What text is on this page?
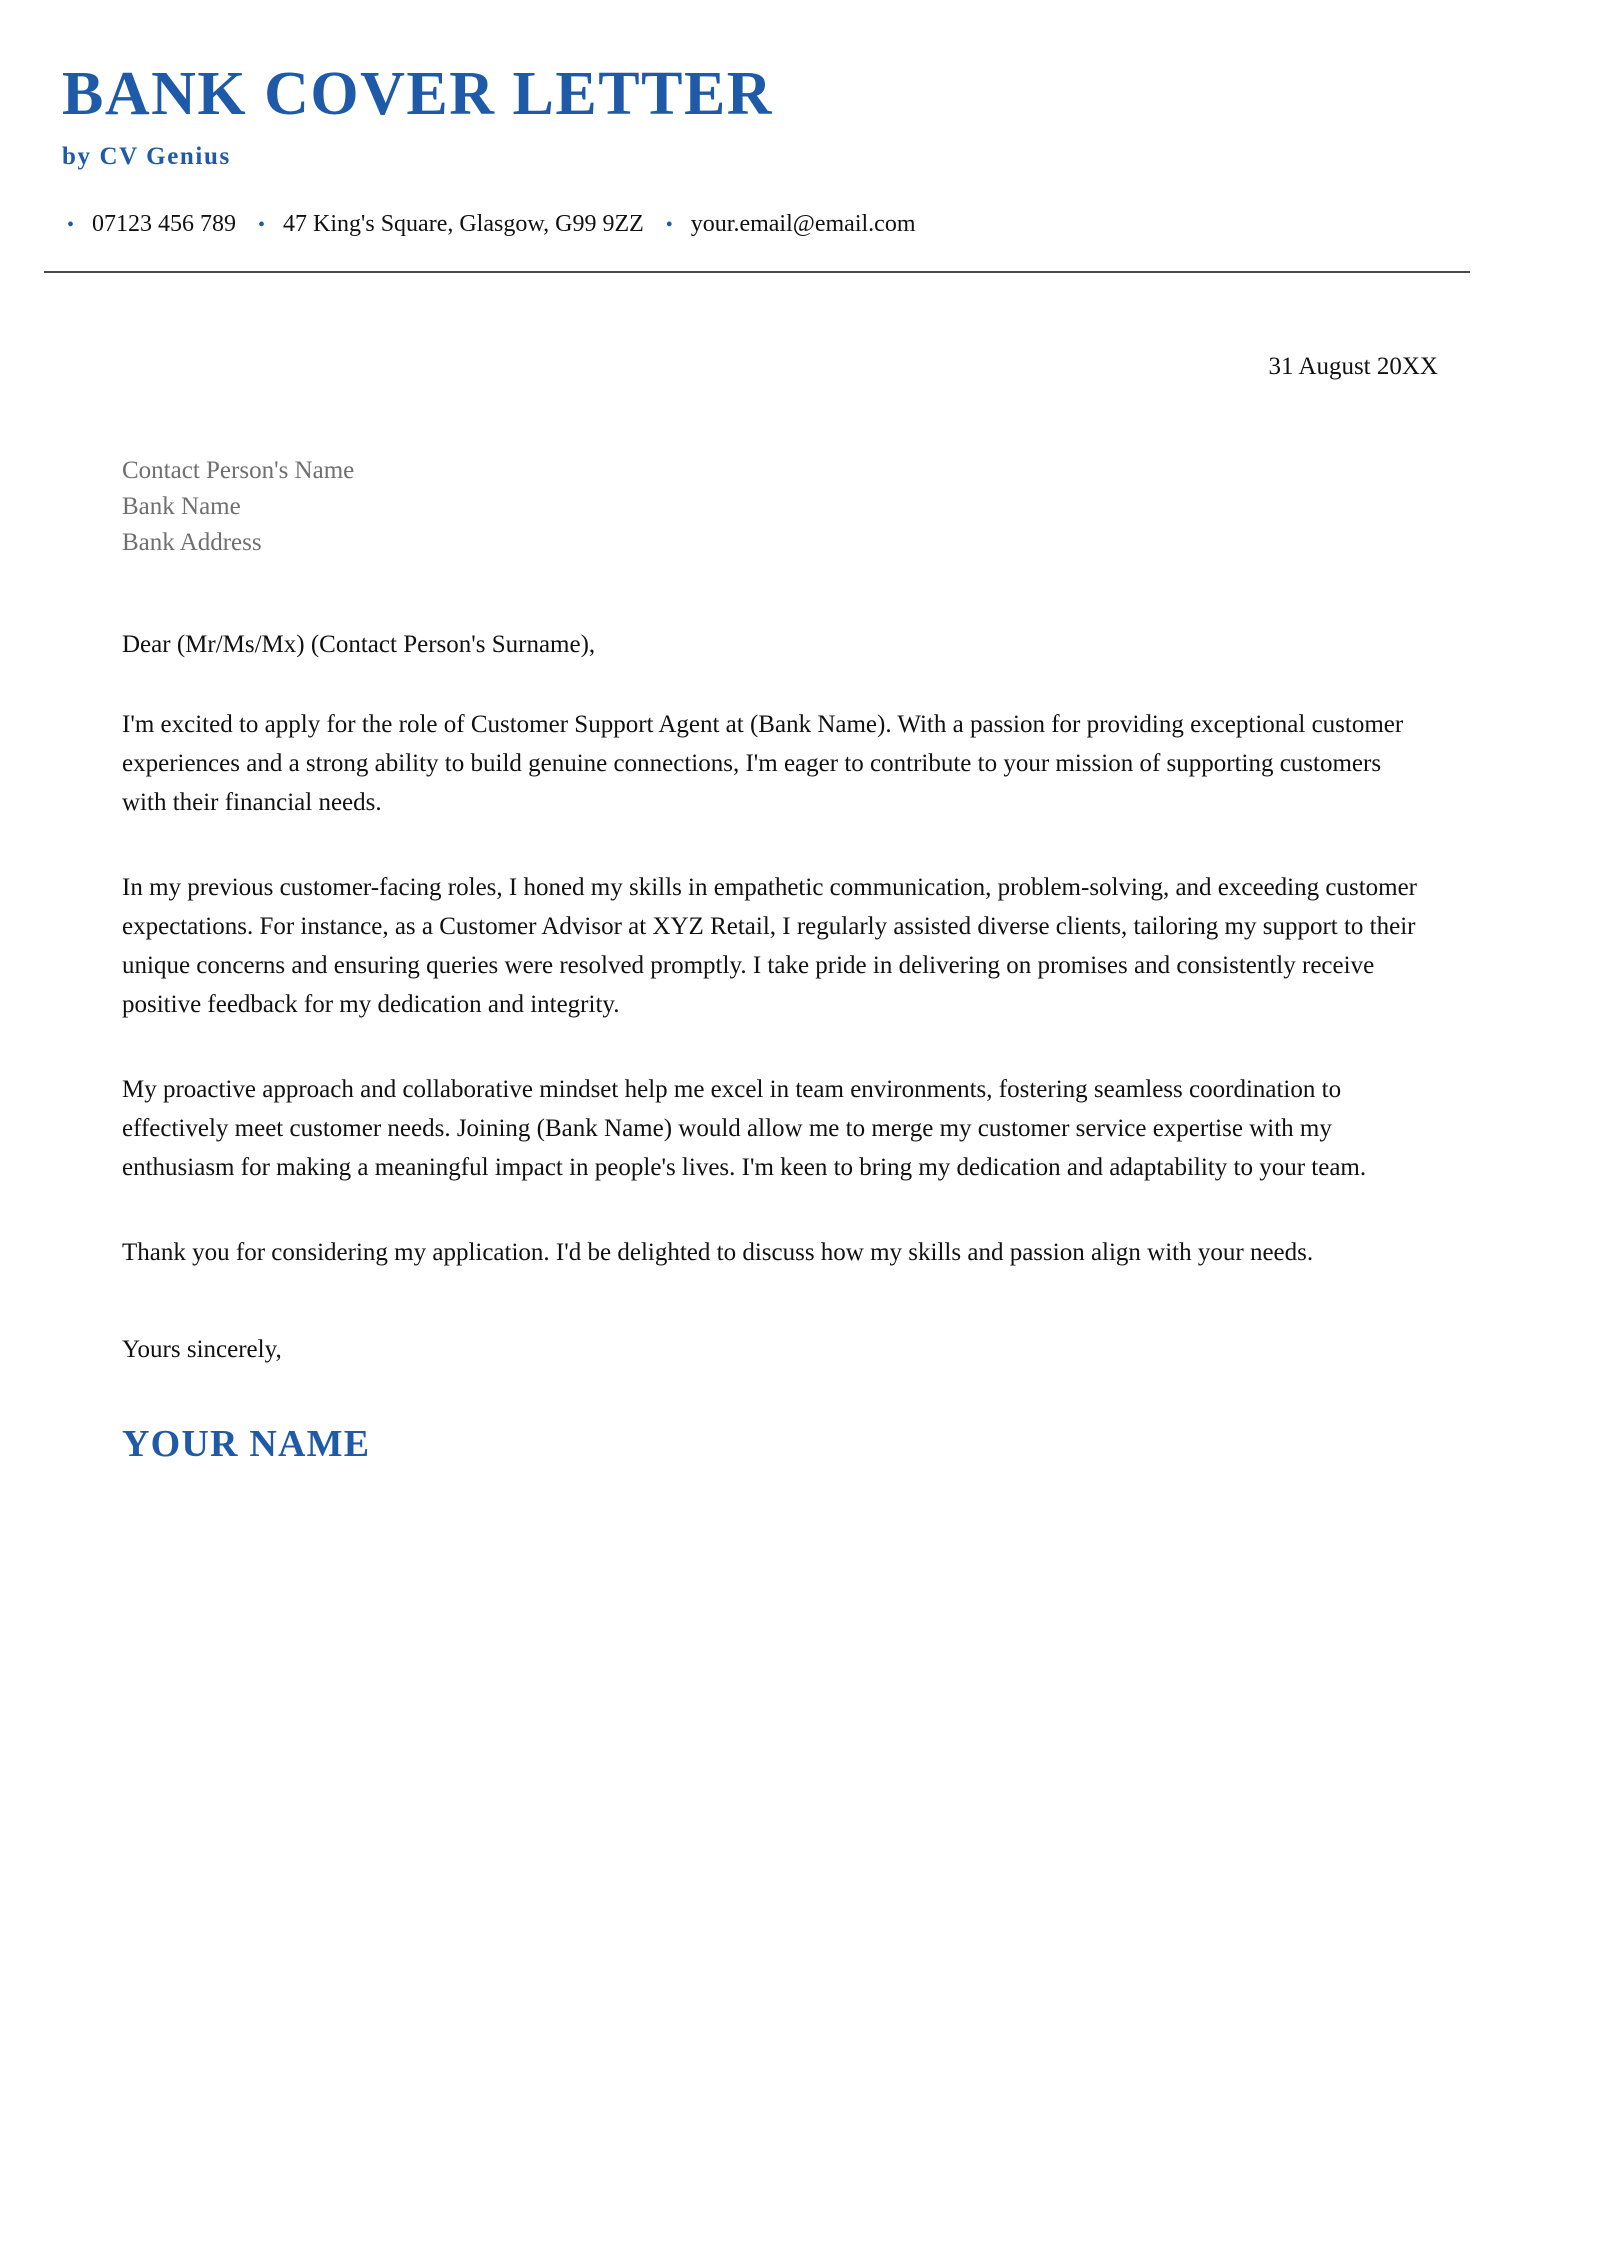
BANK COVER LETTER
by CV Genius
• 07123 456 789 • 47 King's Square, Glasgow, G99 9ZZ • your.email@email.com
31 August 20XX
Contact Person's Name
Bank Name
Bank Address
Dear (Mr/Ms/Mx) (Contact Person's Surname),

I'm excited to apply for the role of Customer Support Agent at (Bank Name). With a passion for providing exceptional customer experiences and a strong ability to build genuine connections, I'm eager to contribute to your mission of supporting customers with their financial needs.

In my previous customer-facing roles, I honed my skills in empathetic communication, problem-solving, and exceeding customer expectations. For instance, as a Customer Advisor at XYZ Retail, I regularly assisted diverse clients, tailoring my support to their unique concerns and ensuring queries were resolved promptly. I take pride in delivering on promises and consistently receive positive feedback for my dedication and integrity.

My proactive approach and collaborative mindset help me excel in team environments, fostering seamless coordination to effectively meet customer needs. Joining (Bank Name) would allow me to merge my customer service expertise with my enthusiasm for making a meaningful impact in people's lives. I'm keen to bring my dedication and adaptability to your team.

Thank you for considering my application. I'd be delighted to discuss how my skills and passion align with your needs.

Yours sincerely,
YOUR NAME
